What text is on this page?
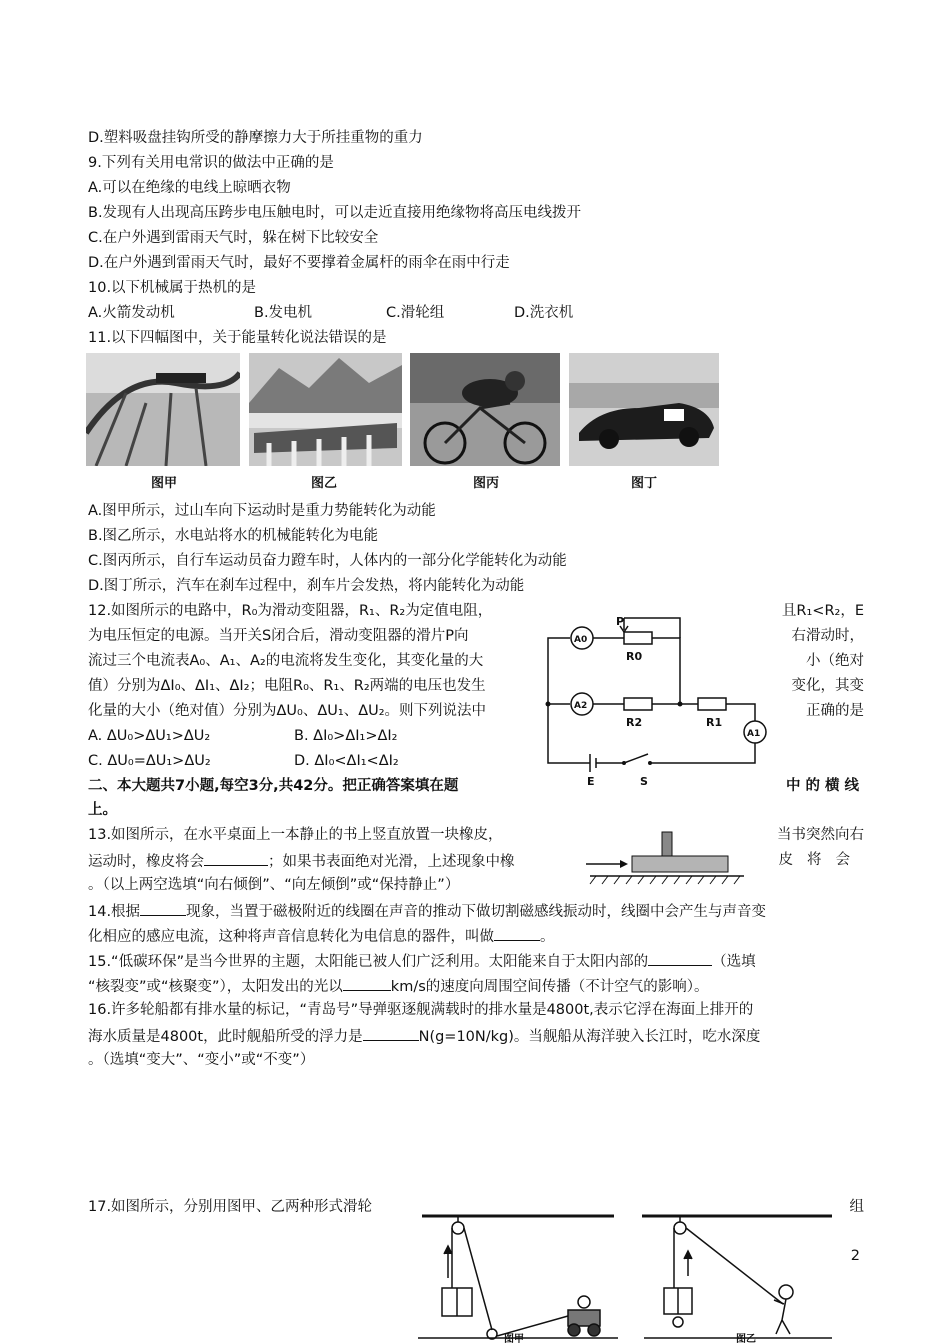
D.塑料吸盘挂钩所受的静摩擦力大于所挂重物的重力
9.下列有关用电常识的做法中正确的是
A.可以在绝缘的电线上晾晒衣物
B.发现有人出现高压跨步电压触电时，可以走近直接用绝缘物将高压电线拨开
C.在户外遇到雷雨天气时，躲在树下比较安全
D.在户外遇到雷雨天气时，最好不要撑着金属杆的雨伞在雨中行走
10.以下机械属于热机的是
A.火箭发动机	B.发电机	C.滑轮组	D.洗衣机
11.以下四幅图中，关于能量转化说法错误的是
图甲	图乙	图丙	图丁
A.图甲所示，过山车向下运动时是重力势能转化为动能
B.图乙所示，水电站将水的机械能转化为电能
C.图丙所示，自行车运动员奋力蹬车时，人体内的一部分化学能转化为动能
D.图丁所示，汽车在刹车过程中，刹车片会发热，将内能转化为动能
12.如图所示的电路中，R₀为滑动变阻器，R₁、R₂为定值电阻，	且R₁<R₂，E
为电压恒定的电源。当开关S闭合后，滑动变阻器的滑片P向	右滑动时，
流过三个电流表A₀、A₁、A₂的电流将发生变化，其变化量的大	小（绝对
值）分别为ΔI₀、ΔI₁、ΔI₂；电阻R₀、R₁、R₂两端的电压也发生	变化，其变
化量的大小（绝对值）分别为ΔU₀、ΔU₁、ΔU₂。则下列说法中	正确的是
A. ΔU₀>ΔU₁>ΔU₂	B. ΔI₀>ΔI₁>ΔI₂
C. ΔU₀=ΔU₁>ΔU₂	D. ΔI₀<ΔI₁<ΔI₂
P
A0
R0
A2
R2	R1
A1
E	S
二、本大题共7小题,每空3分,共42分。把正确答案填在题	中的横线
上。
13.如图所示，在水平桌面上一本静止的书上竖直放置一块橡皮，	当书突然向右
运动时，橡皮将会	；如果书表面绝对光滑，上述现象中橡	皮将会
。（以上两空选填“向右倾倒”、“向左倾倒”或“保持静止”）
14.根据	现象，当置于磁极附近的线圈在声音的推动下做切割磁感线振动时，线圈中会产生与声音变
化相应的感应电流，这种将声音信息转化为电信息的器件，叫做	。
15.“低碳环保”是当今世界的主题，太阳能已被人们广泛利用。太阳能来自于太阳内部的	（选填
“核裂变”或“核聚变”），太阳发出的光以	km/s的速度向周围空间传播（不计空气的影响）。
16.许多轮船都有排水量的标记，“青岛号”导弹驱逐舰满载时的排水量是4800t,表示它浮在海面上排开的
海水质量是4800t，此时舰船所受的浮力是	N(g=10N/kg)。当舰船从海洋驶入长江时，吃水深度
。（选填“变大”、“变小”或“不变”）
17.如图所示，分别用图甲、乙两种形式滑轮	组
2
图甲	图乙
